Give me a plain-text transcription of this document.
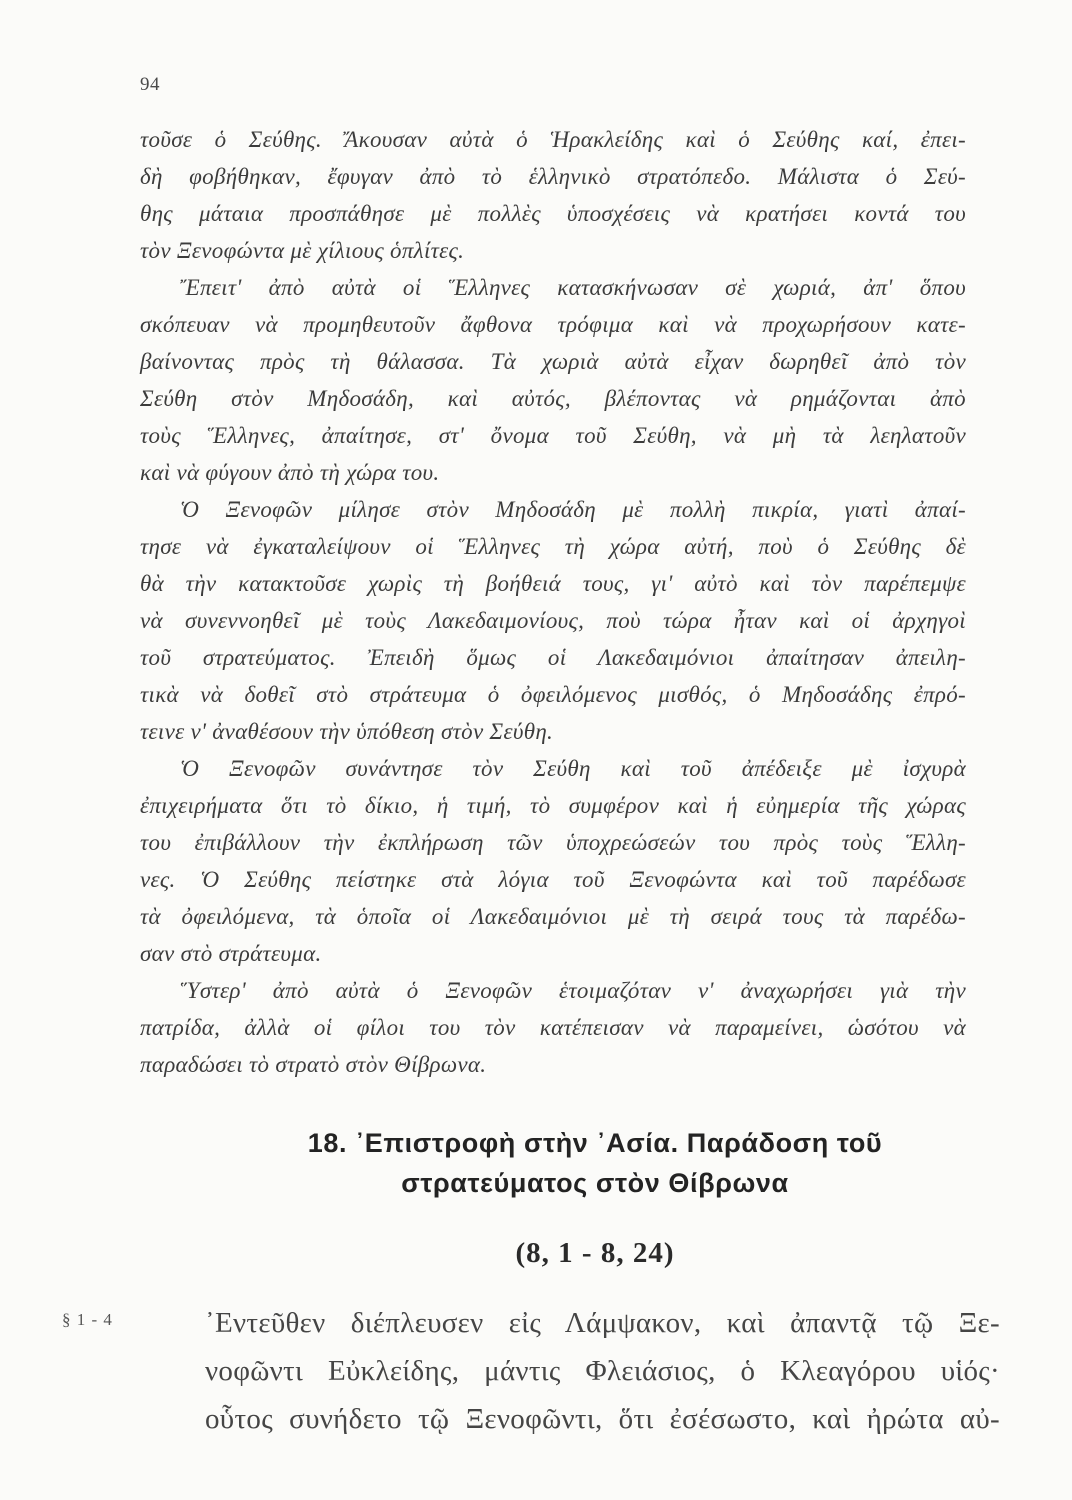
94
τοῦσε ὁ Σεύθης. Ἄκουσαν αὐτὰ ὁ Ἡρακλείδης καὶ ὁ Σεύθης καί, ἐπει-
δὴ φοβήθηκαν, ἔφυγαν ἀπὸ τὸ ἑλληνικὸ στρατόπεδο. Μάλιστα ὁ Σεύ-
θης μάταια προσπάθησε μὲ πολλὲς ὑποσχέσεις νὰ κρατήσει κοντά του
τὸν Ξενοφώντα μὲ χίλιους ὁπλίτες.
Ἔπειτ' ἀπὸ αὐτὰ οἱ Ἕλληνες κατασκήνωσαν σὲ χωριά, ἀπ' ὅπου
σκόπευαν νὰ προμηθευτοῦν ἄφθονα τρόφιμα καὶ νὰ προχωρήσουν κατε-
βαίνοντας πρὸς τὴ θάλασσα. Τὰ χωριὰ αὐτὰ εἶχαν δωρηθεῖ ἀπὸ τὸν
Σεύθη στὸν Μηδοσάδη, καὶ αὐτός, βλέποντας νὰ ρημάζονται ἀπὸ
τοὺς Ἕλληνες, ἀπαίτησε, στ' ὄνομα τοῦ Σεύθη, νὰ μὴ τὰ λεηλατοῦν
καὶ νὰ φύγουν ἀπὸ τὴ χώρα του.
Ὁ Ξενοφῶν μίλησε στὸν Μηδοσάδη μὲ πολλὴ πικρία, γιατὶ ἀπαί-
τησε νὰ ἐγκαταλείψουν οἱ Ἕλληνες τὴ χώρα αὐτή, ποὺ ὁ Σεύθης δὲ
θὰ τὴν κατακτοῦσε χωρὶς τὴ βοήθειά τους, γι' αὐτὸ καὶ τὸν παρέπεμψε
νὰ συνεννοηθεῖ μὲ τοὺς Λακεδαιμονίους, ποὺ τώρα ἦταν καὶ οἱ ἀρχηγοὶ
τοῦ στρατεύματος. Ἐπειδὴ ὅμως οἱ Λακεδαιμόνιοι ἀπαίτησαν ἀπειλη-
τικὰ νὰ δοθεῖ στὸ στράτευμα ὁ ὀφειλόμενος μισθός, ὁ Μηδοσάδης ἐπρό-
τεινε ν' ἀναθέσουν τὴν ὑπόθεση στὸν Σεύθη.
Ὁ Ξενοφῶν συνάντησε τὸν Σεύθη καὶ τοῦ ἀπέδειξε μὲ ἰσχυρὰ
ἐπιχειρήματα ὅτι τὸ δίκιο, ἡ τιμή, τὸ συμφέρον καὶ ἡ εὐημερία τῆς χώρας
του ἐπιβάλλουν τὴν ἐκπλήρωση τῶν ὑποχρεώσεών του πρὸς τοὺς Ἕλλη-
νες. Ὁ Σεύθης πείστηκε στὰ λόγια τοῦ Ξενοφώντα καὶ τοῦ παρέδωσε
τὰ ὀφειλόμενα, τὰ ὁποῖα οἱ Λακεδαιμόνιοι μὲ τὴ σειρά τους τὰ παρέδω-
σαν στὸ στράτευμα.
Ὕστερ' ἀπὸ αὐτὰ ὁ Ξενοφῶν ἑτοιμαζόταν ν' ἀναχωρήσει γιὰ τὴν
πατρίδα, ἀλλὰ οἱ φίλοι του τὸν κατέπεισαν νὰ παραμείνει, ὡσότου νὰ
παραδώσει τὸ στρατὸ στὸν Θίβρωνα.
18. ᾿Επιστροφὴ στὴν ᾿Ασία. Παράδοση τοῦ
στρατεύματος στὸν Θίβρωνα
(8, 1 - 8, 24)
§ 1 - 4	᾿Εντεῦθεν διέπλευσεν εἰς Λάμψακον, καὶ ἀπαντᾷ τῷ Ξε-
νοφῶντι Εὐκλείδης, μάντις Φλειάσιος, ὁ Κλεαγόρου υἱός·
οὗτος συνήδετο τῷ Ξενοφῶντι, ὅτι ἐσέσωστο, καὶ ἠρώτα αὐ-
